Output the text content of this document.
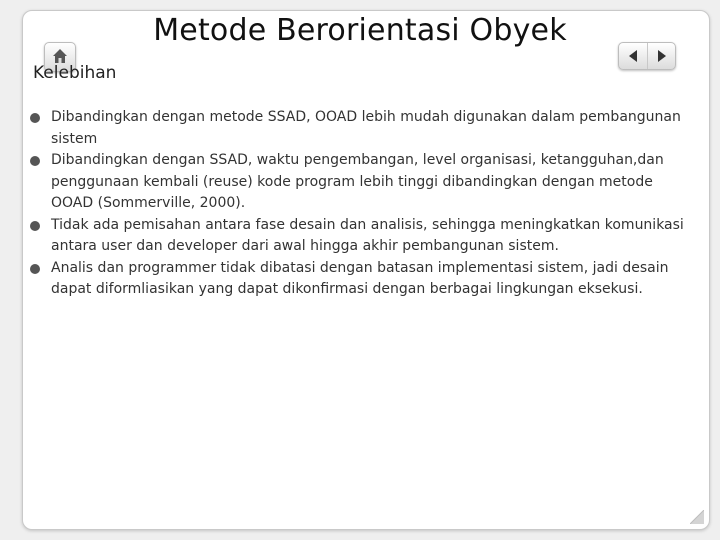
Metode Berorientasi Obyek
Kelebihan
Dibandingkan dengan metode SSAD, OOAD lebih mudah digunakan dalam pembangunan sistem
Dibandingkan dengan SSAD, waktu pengembangan, level organisasi, ketangguhan,dan penggunaan kembali (reuse) kode program lebih tinggi dibandingkan dengan metode OOAD (Sommerville, 2000).
Tidak ada pemisahan antara fase desain dan analisis, sehingga meningkatkan komunikasi antara user dan developer dari awal hingga akhir pembangunan sistem.
Analis dan programmer tidak dibatasi dengan batasan implementasi sistem, jadi desain dapat diformliasikan yang dapat dikonfirmasi dengan berbagai lingkungan eksekusi.
